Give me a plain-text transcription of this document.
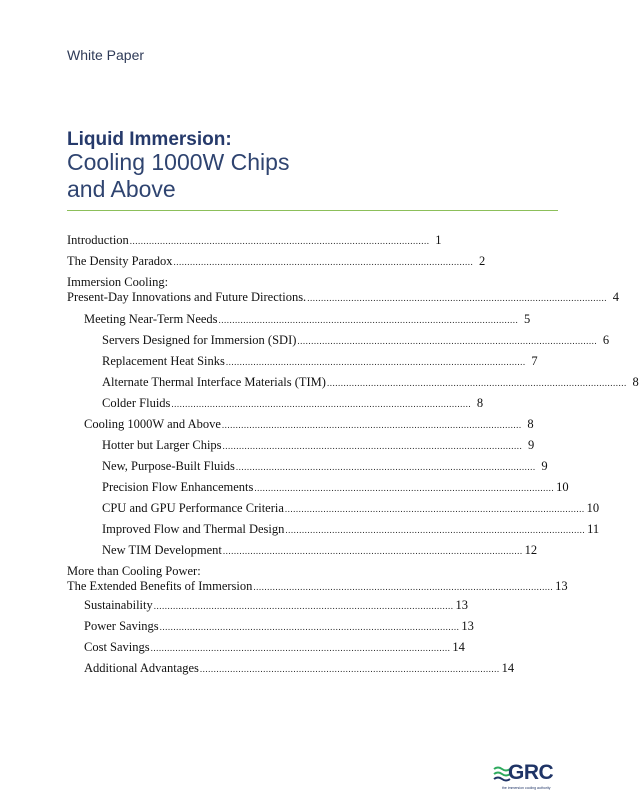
White Paper
Liquid Immersion:
Cooling 1000W Chips
and Above
Introduction ............................................................................................................. 1
The Density Paradox ............................................................................................................. 2
Immersion Cooling:
Present-Day Innovations and Future Directions. ............................................................................................................. 4
Meeting Near-Term Needs ............................................................................................................. 5
Servers Designed for Immersion (SDI) ............................................................................................................. 6
Replacement Heat Sinks ............................................................................................................. 7
Alternate Thermal Interface Materials (TIM) ............................................................................................................. 8
Colder Fluids ............................................................................................................. 8
Cooling 1000W and Above ............................................................................................................. 8
Hotter but Larger Chips ............................................................................................................. 9
New, Purpose-Built Fluids ............................................................................................................. 9
Precision Flow Enhancements ............................................................................................................. 10
CPU and GPU Performance Criteria ............................................................................................................. 10
Improved Flow and Thermal Design ............................................................................................................. 11
New TIM Development ............................................................................................................. 12
More than Cooling Power:
The Extended Benefits of Immersion ............................................................................................................. 13
Sustainability ............................................................................................................. 13
Power Savings ............................................................................................................. 13
Cost Savings ............................................................................................................. 14
Additional Advantages ............................................................................................................. 14
GRC
the immersion cooling authority
